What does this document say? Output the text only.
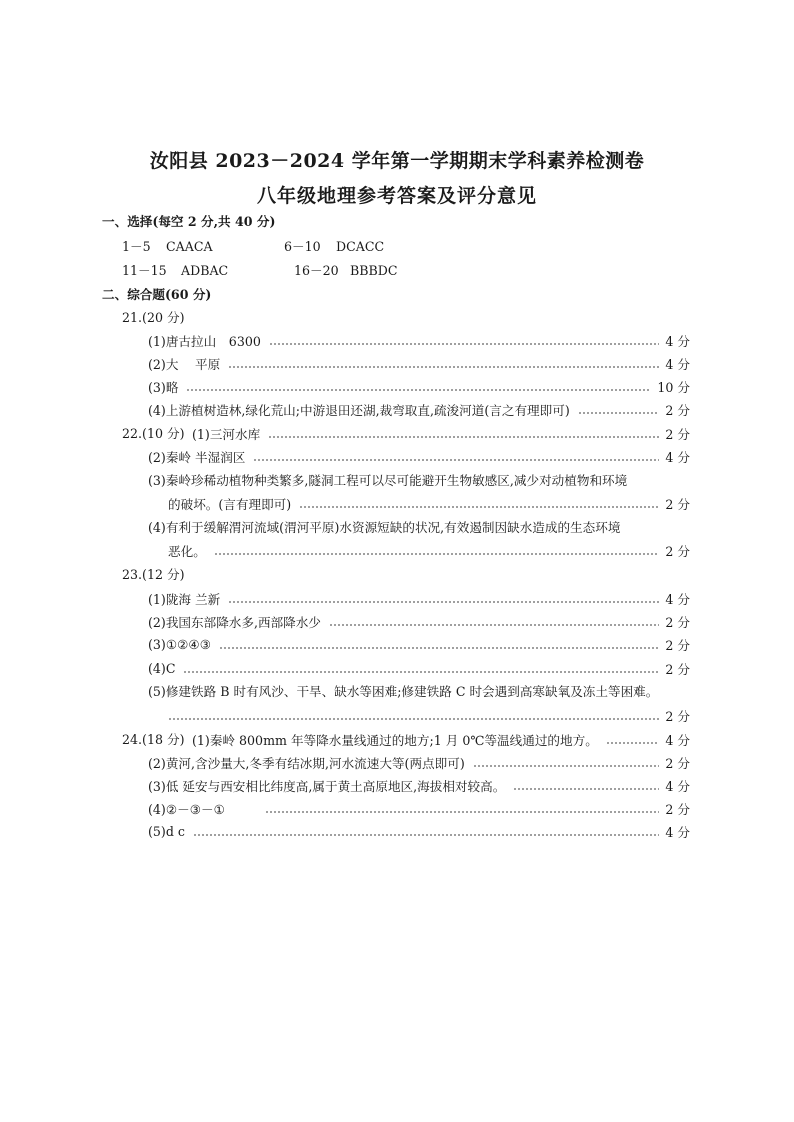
汝阳县 2023－2024 学年第一学期期末学科素养检测卷
八年级地理参考答案及评分意见
一、选择(每空 2 分,共 40 分)
1－5 CAACA	6－10 DCACC
11－15 ADBAC	16－20 BBBDC
二、综合题(60 分)
21.(20 分)
(1)唐古拉山　6300	4 分
(2)大　 平原	4 分
(3)略	10 分
(4)上游植树造林,绿化荒山;中游退田还湖,裁弯取直,疏浚河道(言之有理即可)	2 分
22.(10 分) (1)三河水库	2 分
(2)秦岭 半湿润区	4 分
(3)秦岭珍稀动植物种类繁多,隧洞工程可以尽可能避开生物敏感区,减少对动植物和环境
的破坏。(言有理即可)	2 分
(4)有利于缓解渭河流域(渭河平原)水资源短缺的状况,有效遏制因缺水造成的生态环境
恶化。	2 分
23.(12 分)
(1)陇海 兰新	4 分
(2)我国东部降水多,西部降水少	2 分
(3)①②④③	2 分
(4)C	2 分
(5)修建铁路 B 时有风沙、干旱、缺水等困难;修建铁路 C 时会遇到高寒缺氧及冻土等困难。
2 分
24.(18 分) (1)秦岭 800mm 年等降水量线通过的地方;1 月 0℃等温线通过的地方。	4 分
(2)黄河,含沙量大,冬季有结冰期,河水流速大等(两点即可)	2 分
(3)低 延安与西安相比纬度高,属于黄土高原地区,海拔相对较高。	4 分
(4)②－③－①	2 分
(5)d c	4 分
